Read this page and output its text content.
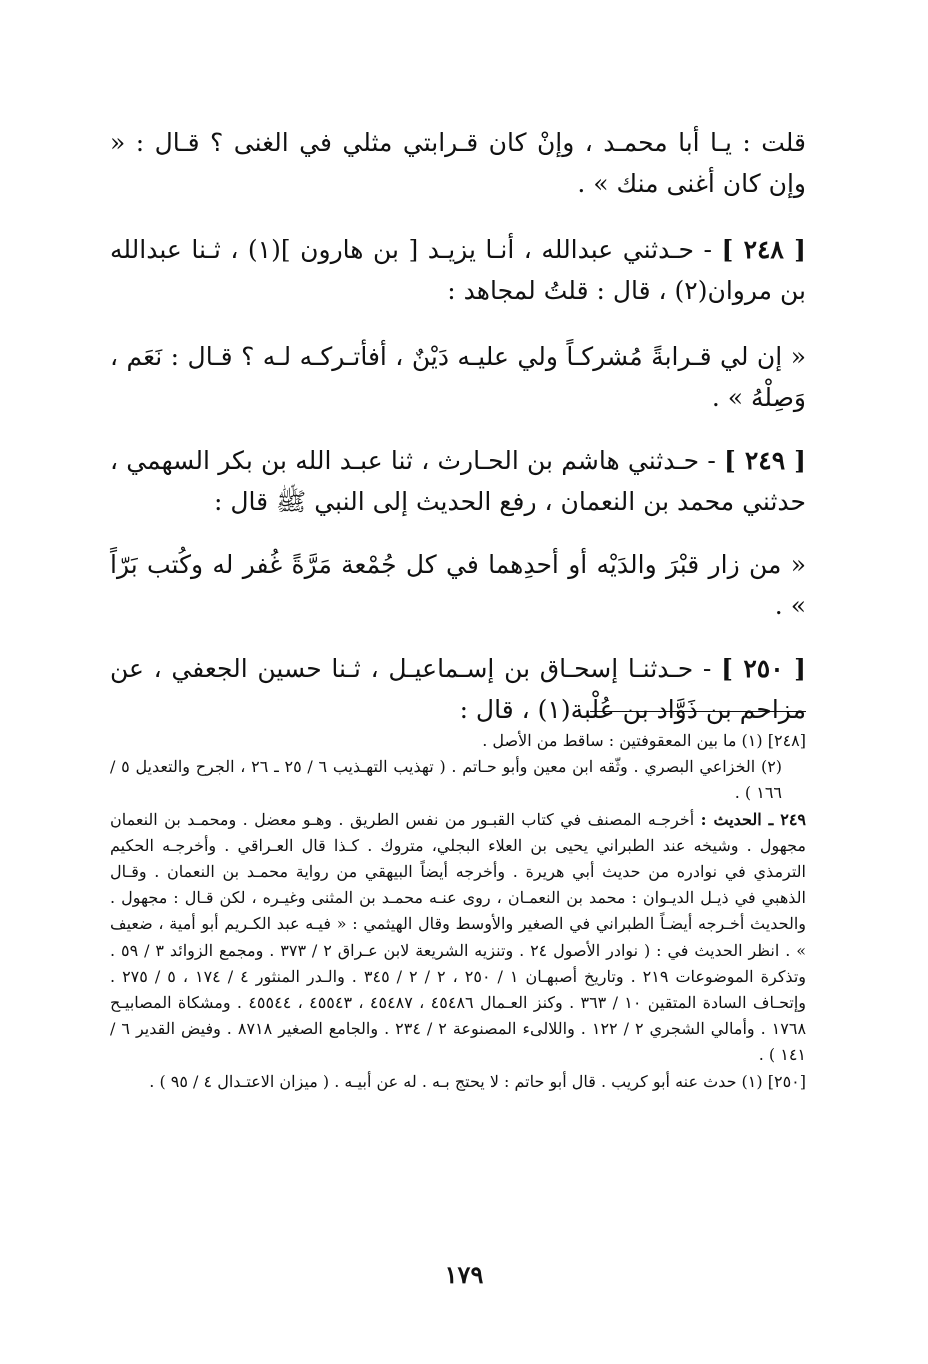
قلت : يـا أبا محمـد ، وإنْ كان قـرابتي مثلي في الغنى ؟ قـال : « وإن كان أغنى منك » .

[ ٢٤٨ ] - حـدثني عبدالله ، أنـا يزيـد [ بن هارون ](١) ، ثـنا عبدالله بن مروان(٢) ، قال : قلتُ لمجاهد :

« إن لي قـرابةً مُشركـاً ولي عليـه دَيْنٌ ، أفأتـركـه لـه ؟ قـال : نَعَم ، وَصِلْهُ » .

[ ٢٤٩ ] - حـدثني هاشم بن الحـارث ، ثنا عبـد الله بن بكر السهمي ، حدثني محمد بن النعمان ، رفع الحديث إلى النبي ﷺ قال :

« من زار قبْرَ والدَيْه أو أحدِهما في كل جُمْعة مَرَّةً غُفر له وكُتب بَرّاً » .

[ ٢٥٠ ] - حـدثنـا إسحـاق بن إسـماعيـل ، ثـنا حسين الجعفي ، عن مزاحم بن ذَوَّاد بن عُلْبة(١) ، قال :

[٢٤٨] (١) ما بين المعقوفتين : ساقط من الأصل .

(٢) الخزاعي البصري . وثّقه ابن معين وأبو حـاتم . ( تهذيب التهـذيب ٦ / ٢٥ ـ ٢٦ ، الجرح والتعديل ٥ / ١٦٦ ) .

٢٤٩ ـ الحديث : أخرجـه المصنف في كتاب القبـور من نفس الطريق . وهـو معضل . ومحمـد بن النعمان مجهول . وشيخه عند الطبراني يحيى بن العلاء البجلي، متروك . كـذا قال العـراقي . وأخرجـه الحكيم الترمذي في نوادره من حديث أبي هريرة . وأخرجه أيضاً البيهقي من رواية محمـد بن النعمان . وقـال الذهبي في ذيـل الديـوان : محمد بن النعمـان ، روى عنـه محمـد بن المثنى وغيـره ، لكن قـال : مجهول . والحديث أخـرجه أيضـاً الطبراني في الصغير والأوسط وقال الهيثمي : « فيـه عبد الكـريم أبو أمية ، ضعيف » . انظر الحديث في : ( نوادر الأصول ٢٤ . وتنزيه الشريعة لابن عـراق ٢ / ٣٧٣ . ومجمع الزوائد ٣ / ٥٩ . وتذكرة الموضوعات ٢١٩ . وتاريخ أصبهـان ١ / ٢٥٠ ، ٢ / ٢ / ٣٤٥ . والـدر المنثور ٤ / ١٧٤ ، ٥ / ٢٧٥ . وإتحـاف السادة المتقين ١٠ / ٣٦٣ . وكنز العـمال ٤٥٤٨٦ ، ٤٥٤٨٧ ، ٤٥٥٤٣ ، ٤٥٥٤٤ . ومشكاة المصابيـح ١٧٦٨ . وأمالي الشجري ٢ / ١٢٢ . واللالىء المصنوعة ٢ / ٢٣٤ . والجامع الصغير ٨٧١٨ . وفيض القدير ٦ / ١٤١ ) .

[٢٥٠] (١) حدث عنه أبو كريب . قال أبو حاتم : لا يحتج بـه . له عن أبيـه . ( ميزان الاعتـدال ٤ / ٩٥ ) .

١٧٩
